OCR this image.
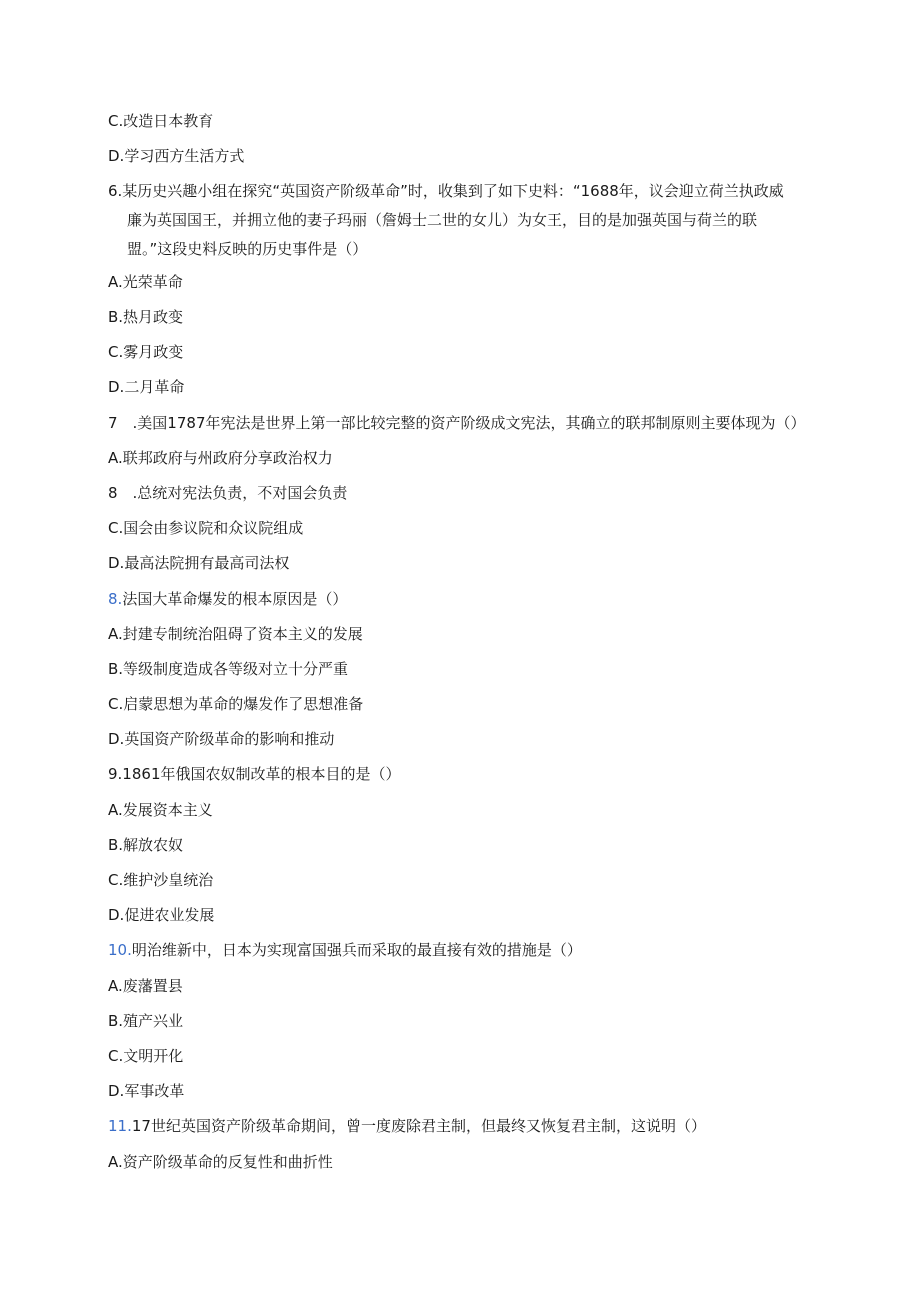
C.改造日本教育
D.学习西方生活方式
6.某历史兴趣小组在探究“英国资产阶级革命”时，收集到了如下史料：“1688年，议会迎立荷兰执政威
廉为英国国王，并拥立他的妻子玛丽（詹姆士二世的女儿）为女王，目的是加强英国与荷兰的联
盟。”这段史料反映的历史事件是（）
A.光荣革命
B.热月政变
C.雾月政变
D.二月革命
7　.美国1787年宪法是世界上第一部比较完整的资产阶级成文宪法，其确立的联邦制原则主要体现为（）
A.联邦政府与州政府分享政治权力
8　.总统对宪法负责，不对国会负责
C.国会由参议院和众议院组成
D.最高法院拥有最高司法权
8.法国大革命爆发的根本原因是（）
A.封建专制统治阻碍了资本主义的发展
B.等级制度造成各等级对立十分严重
C.启蒙思想为革命的爆发作了思想准备
D.英国资产阶级革命的影响和推动
9.1861年俄国农奴制改革的根本目的是（）
A.发展资本主义
B.解放农奴
C.维护沙皇统治
D.促进农业发展
10.明治维新中，日本为实现富国强兵而采取的最直接有效的措施是（）
A.废藩置县
B.殖产兴业
C.文明开化
D.军事改革
11.17世纪英国资产阶级革命期间，曾一度废除君主制，但最终又恢复君主制，这说明（）
A.资产阶级革命的反复性和曲折性
